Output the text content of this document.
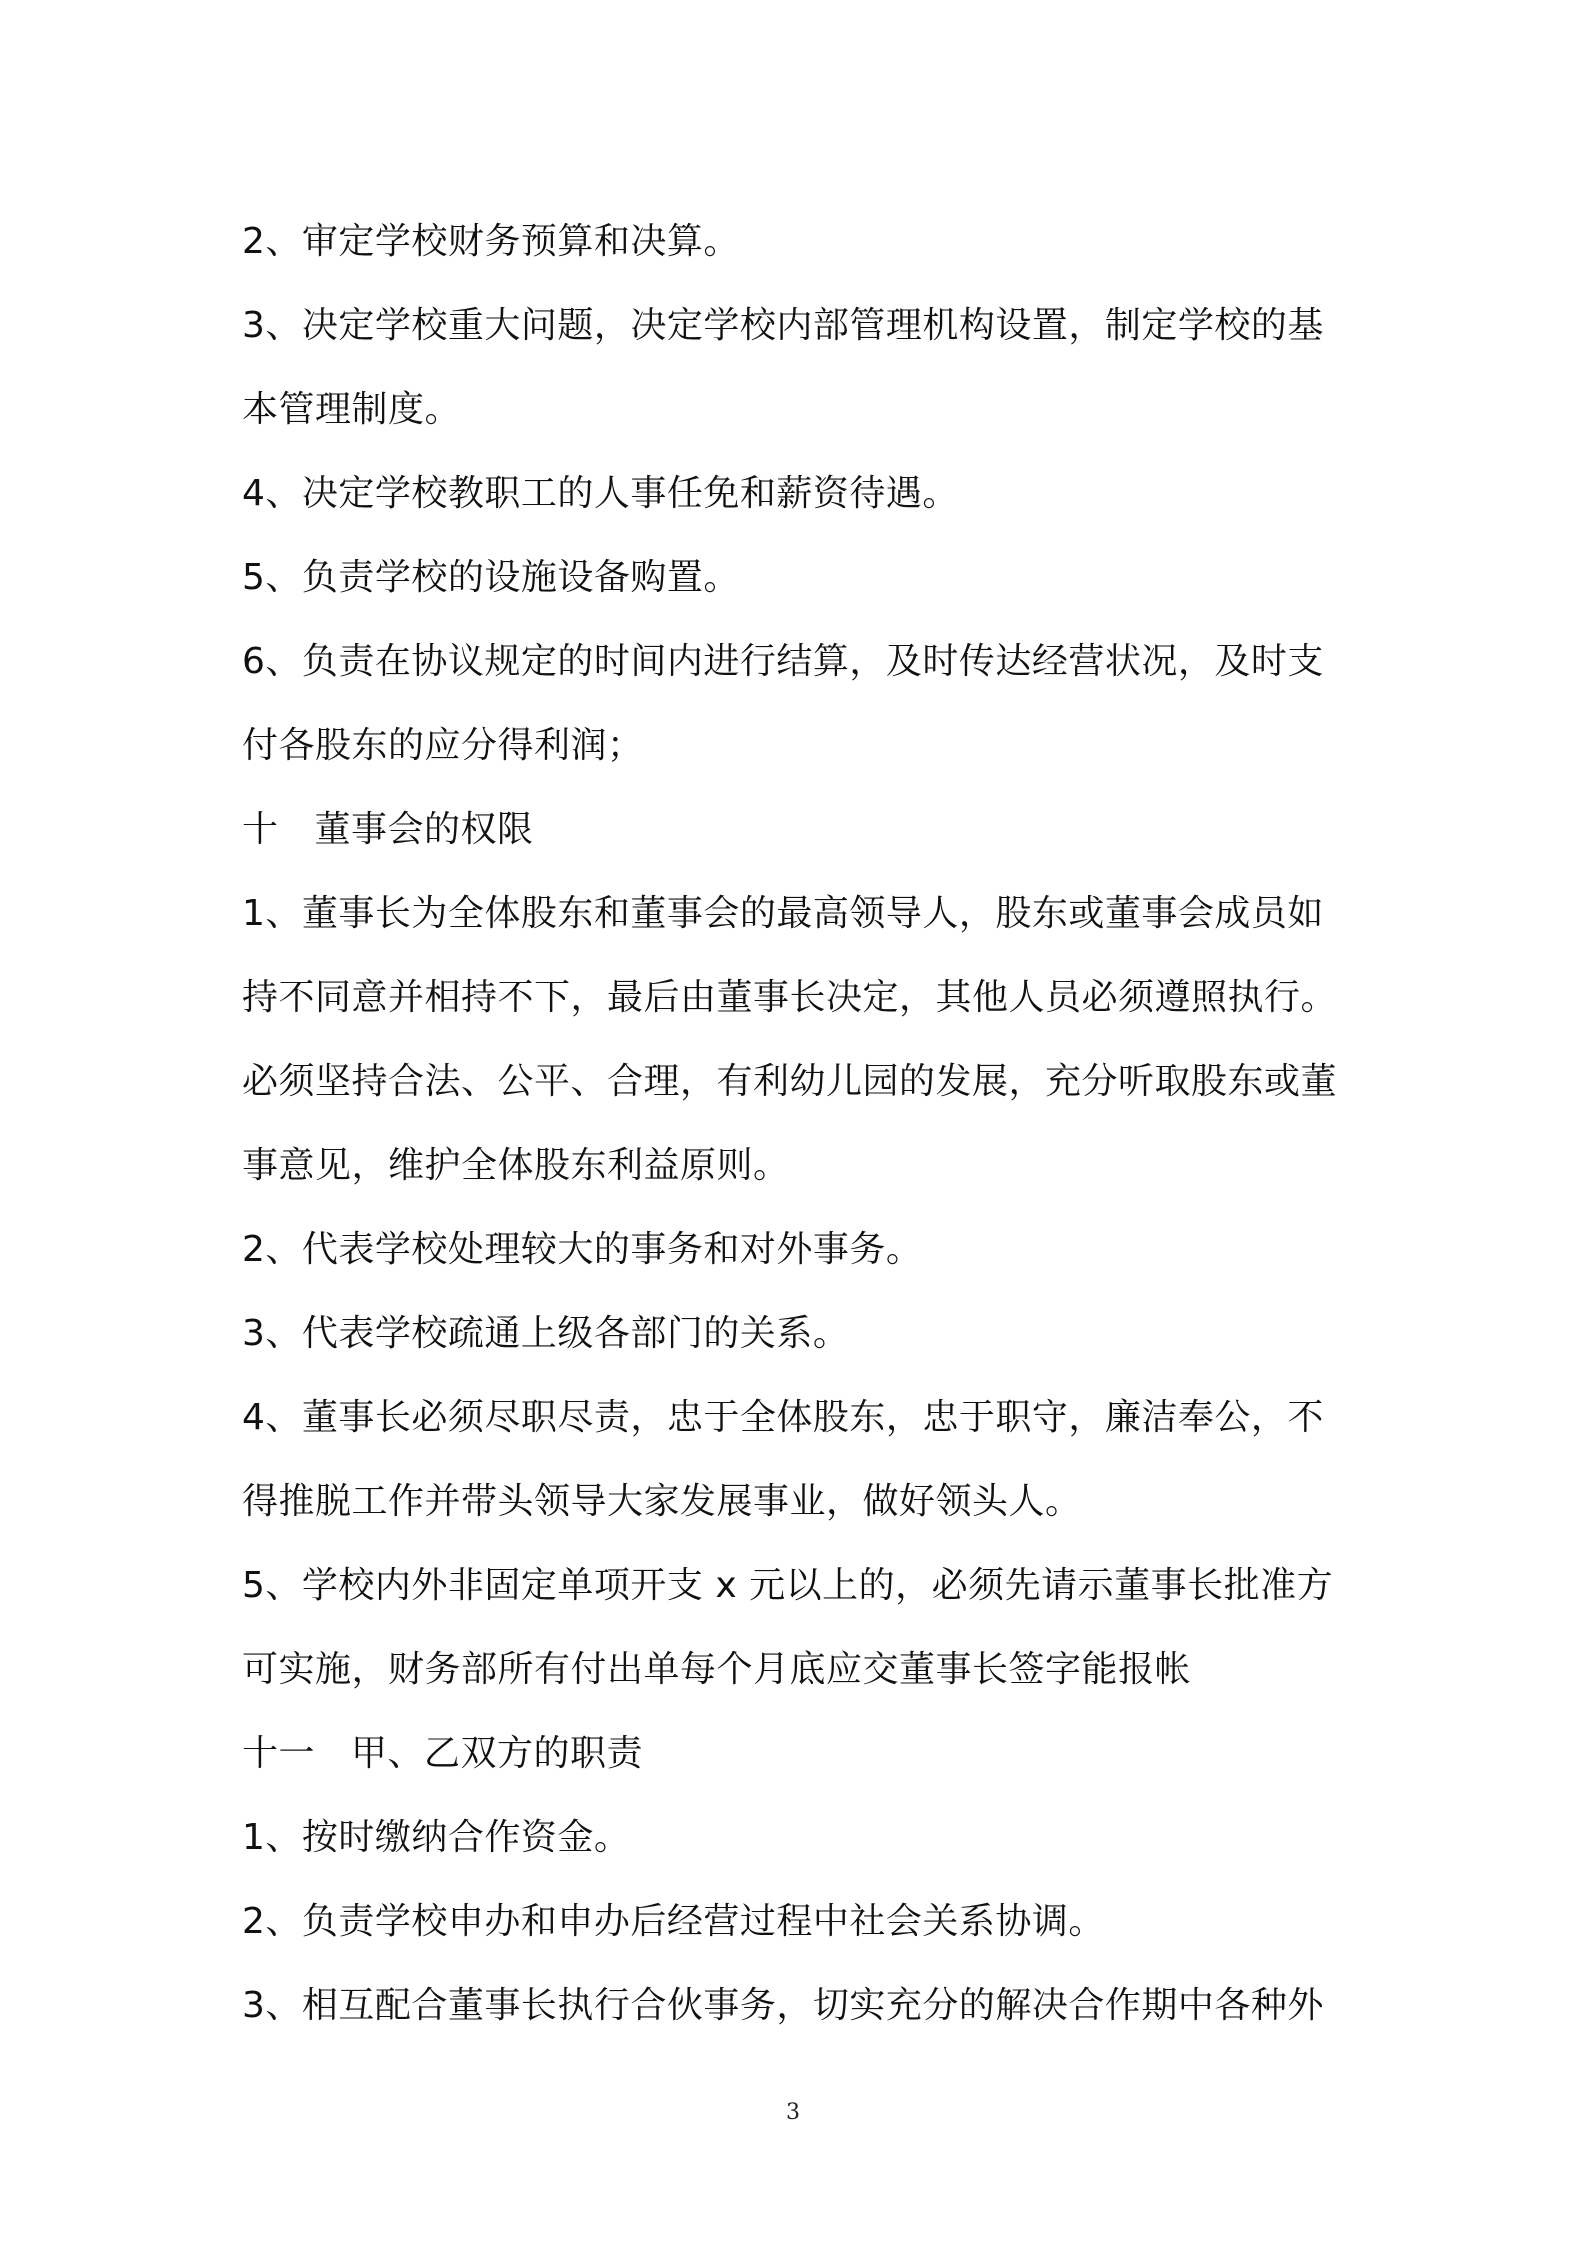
2、审定学校财务预算和决算。
3、决定学校重大问题，决定学校内部管理机构设置，制定学校的基
本管理制度。
4、决定学校教职工的人事任免和薪资待遇。
5、负责学校的设施设备购置。
6、负责在协议规定的时间内进行结算，及时传达经营状况，及时支
付各股东的应分得利润；
十 董事会的权限
1、董事长为全体股东和董事会的最高领导人，股东或董事会成员如
持不同意并相持不下，最后由董事长决定，其他人员必须遵照执行。
必须坚持合法、公平、合理，有利幼儿园的发展，充分听取股东或董
事意见，维护全体股东利益原则。
2、代表学校处理较大的事务和对外事务。
3、代表学校疏通上级各部门的关系。
4、董事长必须尽职尽责，忠于全体股东，忠于职守，廉洁奉公，不
得推脱工作并带头领导大家发展事业，做好领头人。
5、学校内外非固定单项开支 x 元以上的，必须先请示董事长批准方
可实施，财务部所有付出单每个月底应交董事长签字能报帐
十一 甲、乙双方的职责
1、按时缴纳合作资金。
2、负责学校申办和申办后经营过程中社会关系协调。
3、相互配合董事长执行合伙事务，切实充分的解决合作期中各种外
3
